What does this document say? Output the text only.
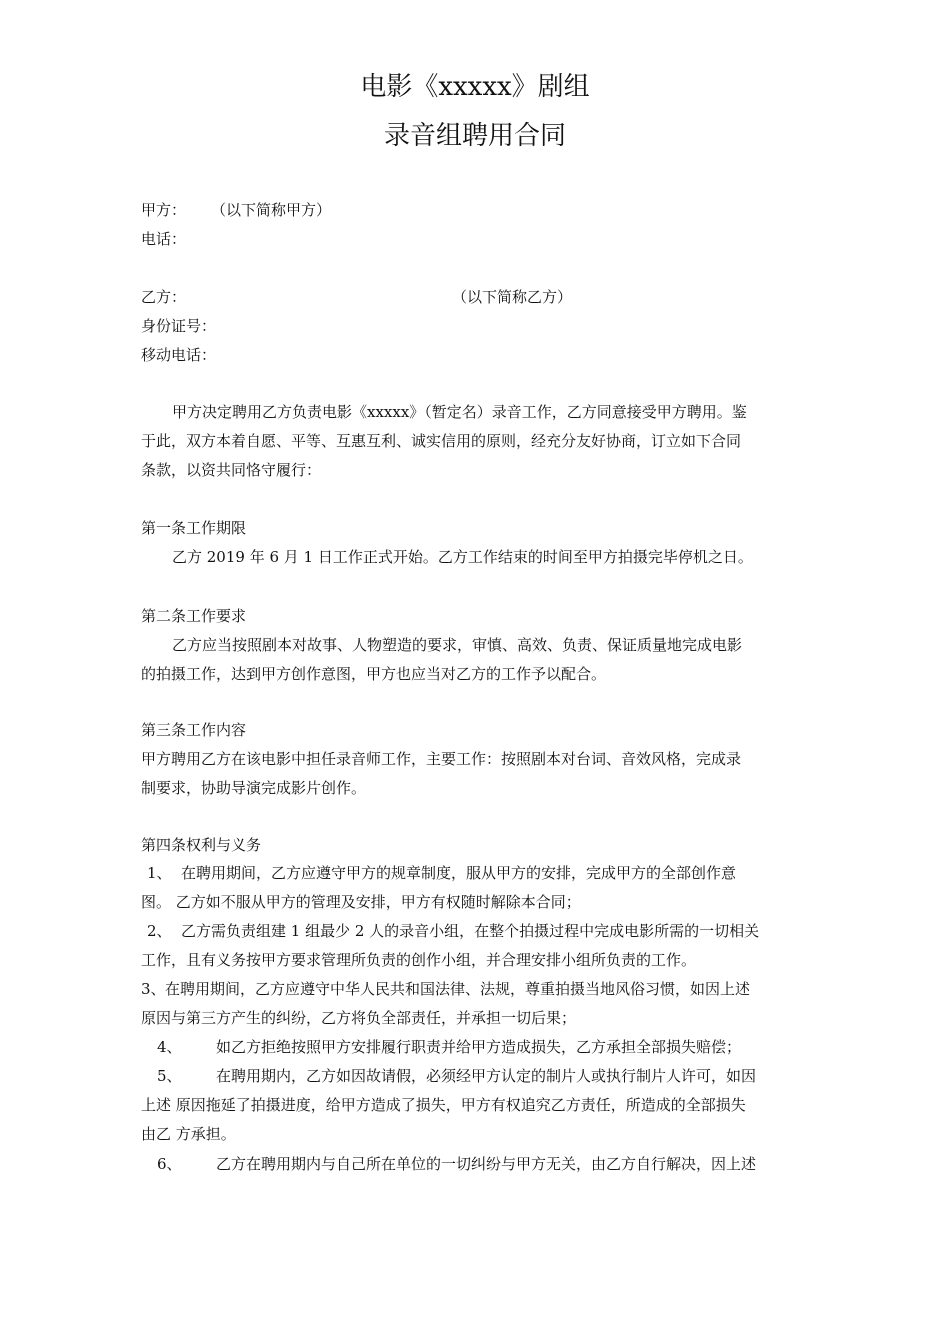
电影《xxxxx》剧组
录音组聘用合同
甲方： （以下简称甲方）
电话：
乙方：	（以下简称乙方）
身份证号：
移动电话：
甲方决定聘用乙方负责电影《xxxxx》（暂定名）录音工作，乙方同意接受甲方聘用。鉴
于此，双方本着自愿、平等、互惠互利、诚实信用的原则，经充分友好协商，订立如下合同
条款，以资共同恪守履行：
第一条工作期限
乙方 2019 年 6 月 1 日工作正式开始。乙方工作结束的时间至甲方拍摄完毕停机之日。
第二条工作要求
乙方应当按照剧本对故事、人物塑造的要求，审慎、高效、负责、保证质量地完成电影
的拍摄工作，达到甲方创作意图，甲方也应当对乙方的工作予以配合。
第三条工作内容
甲方聘用乙方在该电影中担任录音师工作，主要工作：按照剧本对台词、音效风格，完成录
制要求，协助导演完成影片创作。
第四条权利与义务
1、 在聘用期间，乙方应遵守甲方的规章制度，服从甲方的安排，完成甲方的全部创作意
图。 乙方如不服从甲方的管理及安排，甲方有权随时解除本合同；
2、 乙方需负责组建 1 组最少 2 人的录音小组，在整个拍摄过程中完成电影所需的一切相关
工作，且有义务按甲方要求管理所负责的创作小组，并合理安排小组所负责的工作。
3、 在聘用期间，乙方应遵守中华人民共和国法律、法规，尊重拍摄当地风俗习惯，如因上述
原因与第三方产生的纠纷，乙方将负全部责任，并承担一切后果；
4、 如乙方拒绝按照甲方安排履行职责并给甲方造成损失，乙方承担全部损失赔偿；
5、 在聘用期内，乙方如因故请假，必须经甲方认定的制片人或执行制片人许可，如因
上述 原因拖延了拍摄进度，给甲方造成了损失，甲方有权追究乙方责任，所造成的全部损失
由乙 方承担。
6、 乙方在聘用期内与自己所在单位的一切纠纷与甲方无关，由乙方自行解决，因上述
